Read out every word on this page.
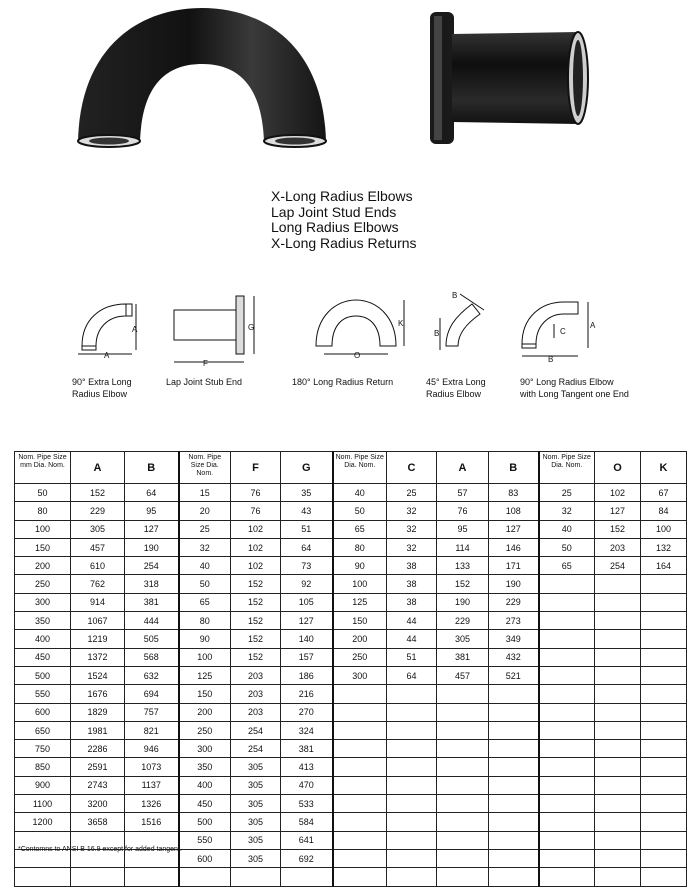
X-Long Radius Elbows
Lap Joint Stud Ends
Long Radius Elbows
X-Long Radius Returns
A
A
G
F
K
O
B
B	C
A
B
90° Extra Long
Radius Elbow
Lap Joint Stub End	180° Long Radius Return	45° Extra Long
Radius Elbow
90° Long Radius Elbow
with Long Tangent one End
Nom. Pipe Size mm Dia. Nom.	A	B	Nom. Pipe Size Dia. Nom.	F	G	Nom. Pipe Size Dia. Nom.	C	A	B	Nom. Pipe Size Dia. Nom.	O	K
50	152	64	15	76	35	40	25	57	83	25	102	67
80	229	95	20	76	43	50	32	76	108	32	127	84
100	305	127	25	102	51	65	32	95	127	40	152	100
150	457	190	32	102	64	80	32	114	146	50	203	132
200	610	254	40	102	73	90	38	133	171	65	254	164
250	762	318	50	152	92	100	38	152	190			
300	914	381	65	152	105	125	38	190	229			
350	1067	444	80	152	127	150	44	229	273			
400	1219	505	90	152	140	200	44	305	349			
450	1372	568	100	152	157	250	51	381	432			
500	1524	632	125	203	186	300	64	457	521			
550	1676	694	150	203	216							
600	1829	757	200	203	270							
650	1981	821	250	254	324							
750	2286	946	300	254	381							
850	2591	1073	350	305	413							
900	2743	1137	400	305	470							
1100	3200	1326	450	305	533							
1200	3658	1516	500	305	584							
			550	305	641							
			600	305	692							

*Contomns to ANSI B 16.9 except for added tangent.
